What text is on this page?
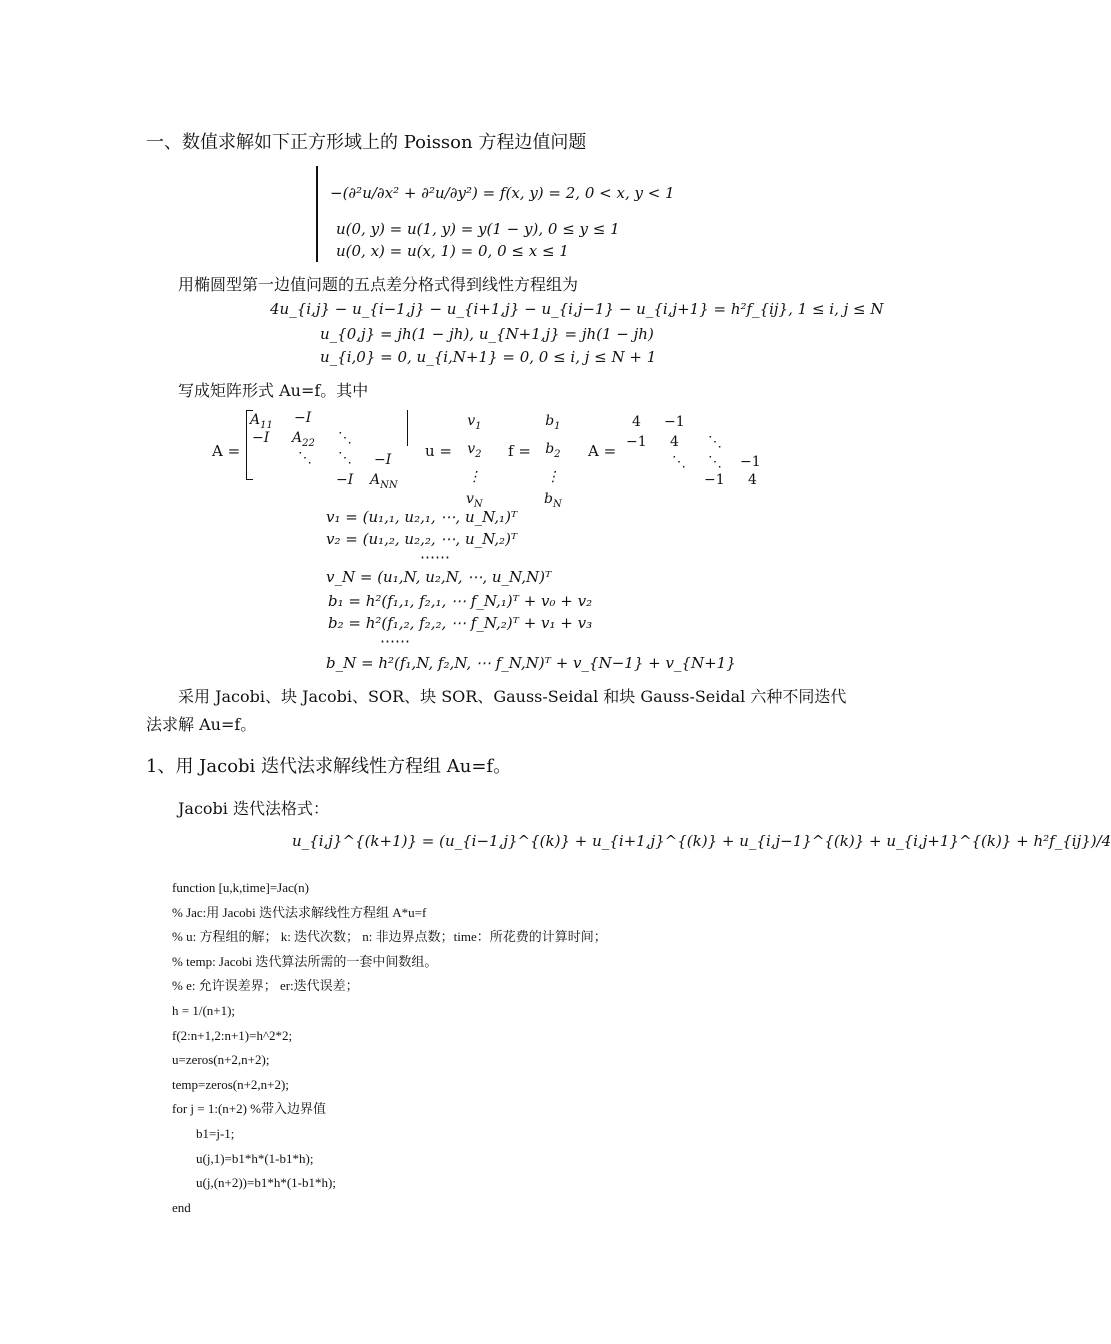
一、数值求解如下正方形域上的 Poisson 方程边值问题
−(∂²u/∂x² + ∂²u/∂y²) = f(x, y) = 2, 0 < x, y < 1
u(0, y) = u(1, y) = y(1 − y), 0 ≤ y ≤ 1
u(0, x) = u(x, 1) = 0, 0 ≤ x ≤ 1
用椭圆型第一边值问题的五点差分格式得到线性方程组为
4u_{i,j} − u_{i−1,j} − u_{i+1,j} − u_{i,j−1} − u_{i,j+1} = h²f_{ij}, 1 ≤ i, j ≤ N
u_{0,j} = jh(1 − jh), u_{N+1,j} = jh(1 − jh)
u_{i,0} = 0, u_{i,N+1} = 0, 0 ≤ i, j ≤ N + 1
写成矩阵形式 Au=f。其中
A =
$A_{11} -I$
−I $A_{22}$ ⋱
⋱ ⋱ −I
−I $A_{NN}$
u =
$v_1$
$v_2$
⋮
$v_N$
f =
$b_1$
$b_2$
⋮
$b_N$
A =
4 −1
−1 4 ⋱
⋱ ⋱ −1
−1 4
v₁ = (u₁,₁, u₂,₁, ⋯, u_N,₁)ᵀ
v₂ = (u₁,₂, u₂,₂, ⋯, u_N,₂)ᵀ
⋯⋯
v_N = (u₁,N, u₂,N, ⋯, u_N,N)ᵀ
b₁ = h²(f₁,₁, f₂,₁, ⋯ f_N,₁)ᵀ + v₀ + v₂
b₂ = h²(f₁,₂, f₂,₂, ⋯ f_N,₂)ᵀ + v₁ + v₃
⋯⋯
b_N = h²(f₁,N, f₂,N, ⋯ f_N,N)ᵀ + v_{N−1} + v_{N+1}
采用 Jacobi、块 Jacobi、SOR、块 SOR、Gauss-Seidal 和块 Gauss-Seidal 六种不同迭代
法求解 Au=f。
1、用 Jacobi 迭代法求解线性方程组 Au=f。
Jacobi 迭代法格式：
u_{i,j}^{(k+1)} = (u_{i−1,j}^{(k)} + u_{i+1,j}^{(k)} + u_{i,j−1}^{(k)} + u_{i,j+1}^{(k)} + h²f_{ij})/4
function [u,k,time]=Jac(n)
% Jac:用 Jacobi 迭代法求解线性方程组 A*u=f
% u: 方程组的解； k: 迭代次数； n: 非边界点数；time：所花费的计算时间；
% temp: Jacobi 迭代算法所需的一套中间数组。
% e: 允许误差界； er:迭代误差；
h = 1/(n+1);
f(2:n+1,2:n+1)=h^2*2;
u=zeros(n+2,n+2);
temp=zeros(n+2,n+2);
for j = 1:(n+2) %带入边界值
b1=j-1;
u(j,1)=b1*h*(1-b1*h);
u(j,(n+2))=b1*h*(1-b1*h);
end
